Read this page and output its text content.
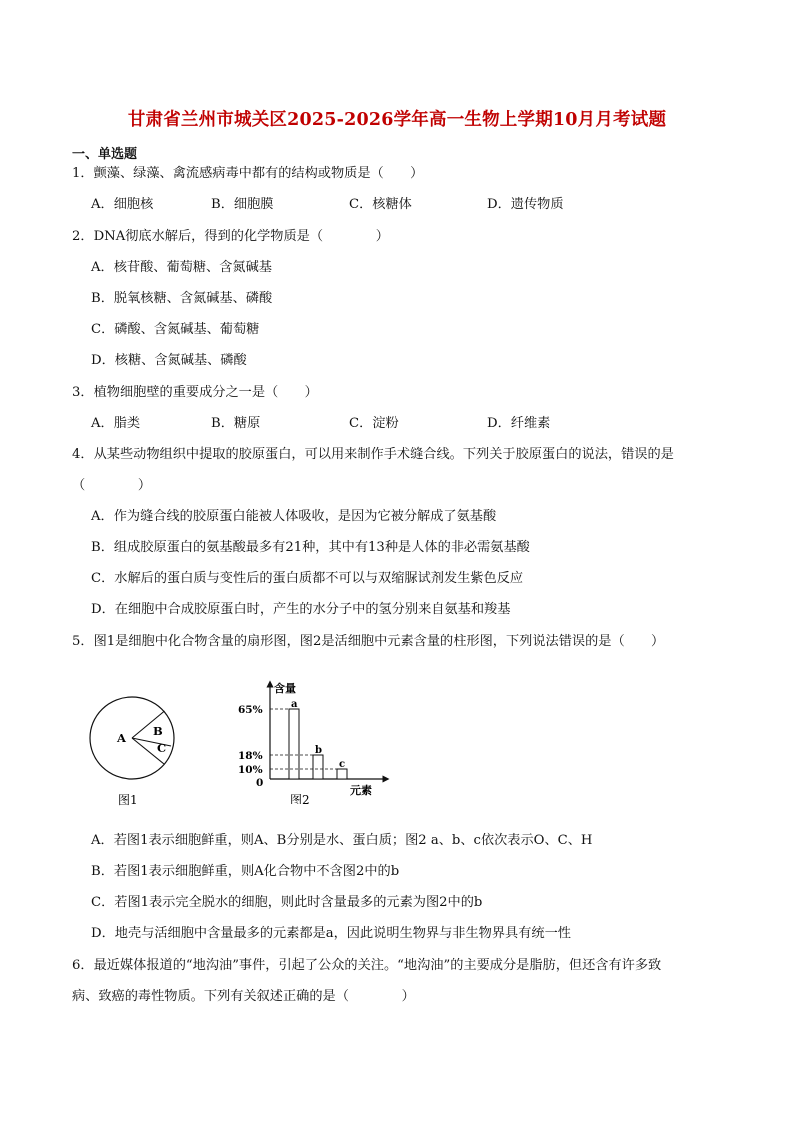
甘肃省兰州市城关区2025-2026学年高一生物上学期10月月考试题
一、单选题
1．颤藻、绿藻、禽流感病毒中都有的结构或物质是（　　）
A．细胞核	B．细胞膜	C．核糖体	D．遗传物质
2．DNA彻底水解后，得到的化学物质是（　　　　）
A．核苷酸、葡萄糖、含氮碱基
B．脱氧核糖、含氮碱基、磷酸
C．磷酸、含氮碱基、葡萄糖
D．核糖、含氮碱基、磷酸
3．植物细胞壁的重要成分之一是（　　）
A．脂类	B．糖原	C．淀粉	D．纤维素
4．从某些动物组织中提取的胶原蛋白，可以用来制作手术缝合线。下列关于胶原蛋白的说法，错误的是
（　　　　）
A．作为缝合线的胶原蛋白能被人体吸收，是因为它被分解成了氨基酸
B．组成胶原蛋白的氨基酸最多有21种，其中有13种是人体的非必需氨基酸
C．水解后的蛋白质与变性后的蛋白质都不可以与双缩脲试剂发生紫色反应
D．在细胞中合成胶原蛋白时，产生的水分子中的氢分别来自氨基和羧基
5．图1是细胞中化合物含量的扇形图，图2是活细胞中元素含量的柱形图，下列说法错误的是（　　）
A B
C
图1
含量
元素
0
a
65%
b
18%
c
10%
图2
A．若图1表示细胞鲜重，则A、B分别是水、蛋白质；图2 a、b、c依次表示O、C、H
B．若图1表示细胞鲜重，则A化合物中不含图2中的b
C．若图1表示完全脱水的细胞，则此时含量最多的元素为图2中的b
D．地壳与活细胞中含量最多的元素都是a，因此说明生物界与非生物界具有统一性
6．最近媒体报道的“地沟油”事件，引起了公众的关注。“地沟油”的主要成分是脂肪，但还含有许多致
病、致癌的毒性物质。下列有关叙述正确的是（　　　　）
